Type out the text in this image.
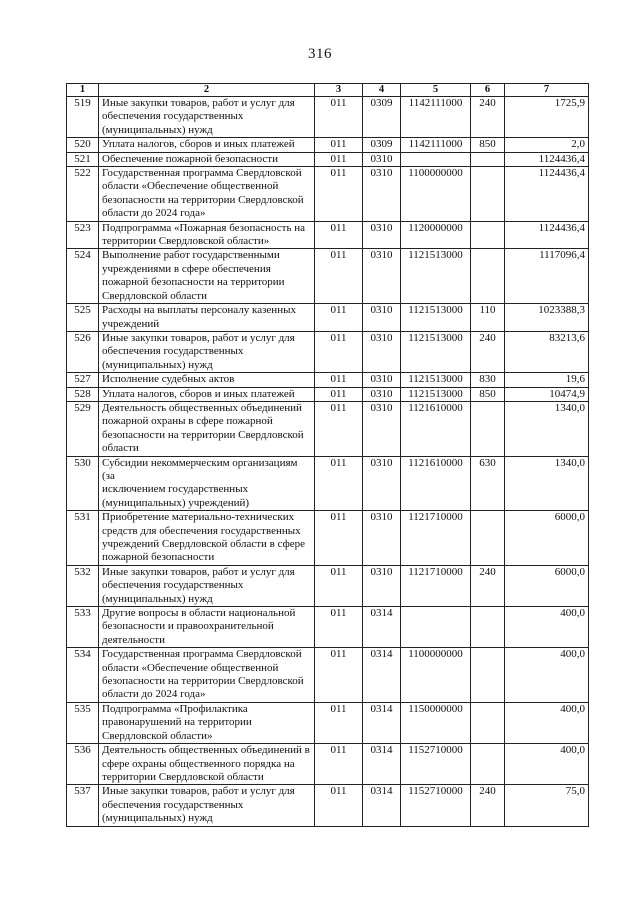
316
1	2	3	4	5	6	7
519	Иные закупки товаров, работ и услуг для
обеспечения государственных
(муниципальных) нужд	011	0309	1142111000	240	1725,9
520	Уплата налогов, сборов и иных платежей	011	0309	1142111000	850	2,0
521	Обеспечение пожарной безопасности	011	0310			1124436,4
522	Государственная программа Свердловской
области «Обеспечение общественной
безопасности на территории Свердловской
области до 2024 года»	011	0310	1100000000		1124436,4
523	Подпрограмма «Пожарная безопасность на
территории Свердловской области»	011	0310	1120000000		1124436,4
524	Выполнение работ государственными
учреждениями в сфере обеспечения
пожарной безопасности на территории
Свердловской области	011	0310	1121513000		1117096,4
525	Расходы на выплаты персоналу казенных
учреждений	011	0310	1121513000	110	1023388,3
526	Иные закупки товаров, работ и услуг для
обеспечения государственных
(муниципальных) нужд	011	0310	1121513000	240	83213,6
527	Исполнение судебных актов	011	0310	1121513000	830	19,6
528	Уплата налогов, сборов и иных платежей	011	0310	1121513000	850	10474,9
529	Деятельность общественных объединений
пожарной охраны в сфере пожарной
безопасности на территории Свердловской
области	011	0310	1121610000		1340,0
530	Субсидии некоммерческим организациям (за
исключением государственных
(муниципальных) учреждений)	011	0310	1121610000	630	1340,0
531	Приобретение материально-технических
средств для обеспечения государственных
учреждений Свердловской области в сфере
пожарной безопасности	011	0310	1121710000		6000,0
532	Иные закупки товаров, работ и услуг для
обеспечения государственных
(муниципальных) нужд	011	0310	1121710000	240	6000,0
533	Другие вопросы в области национальной
безопасности и правоохранительной
деятельности	011	0314			400,0
534	Государственная программа Свердловской
области «Обеспечение общественной
безопасности на территории Свердловской
области до 2024 года»	011	0314	1100000000		400,0
535	Подпрограмма «Профилактика
правонарушений на территории
Свердловской области»	011	0314	1150000000		400,0
536	Деятельность общественных объединений в
сфере охраны общественного порядка на
территории Свердловской области	011	0314	1152710000		400,0
537	Иные закупки товаров, работ и услуг для
обеспечения государственных
(муниципальных) нужд	011	0314	1152710000	240	75,0
